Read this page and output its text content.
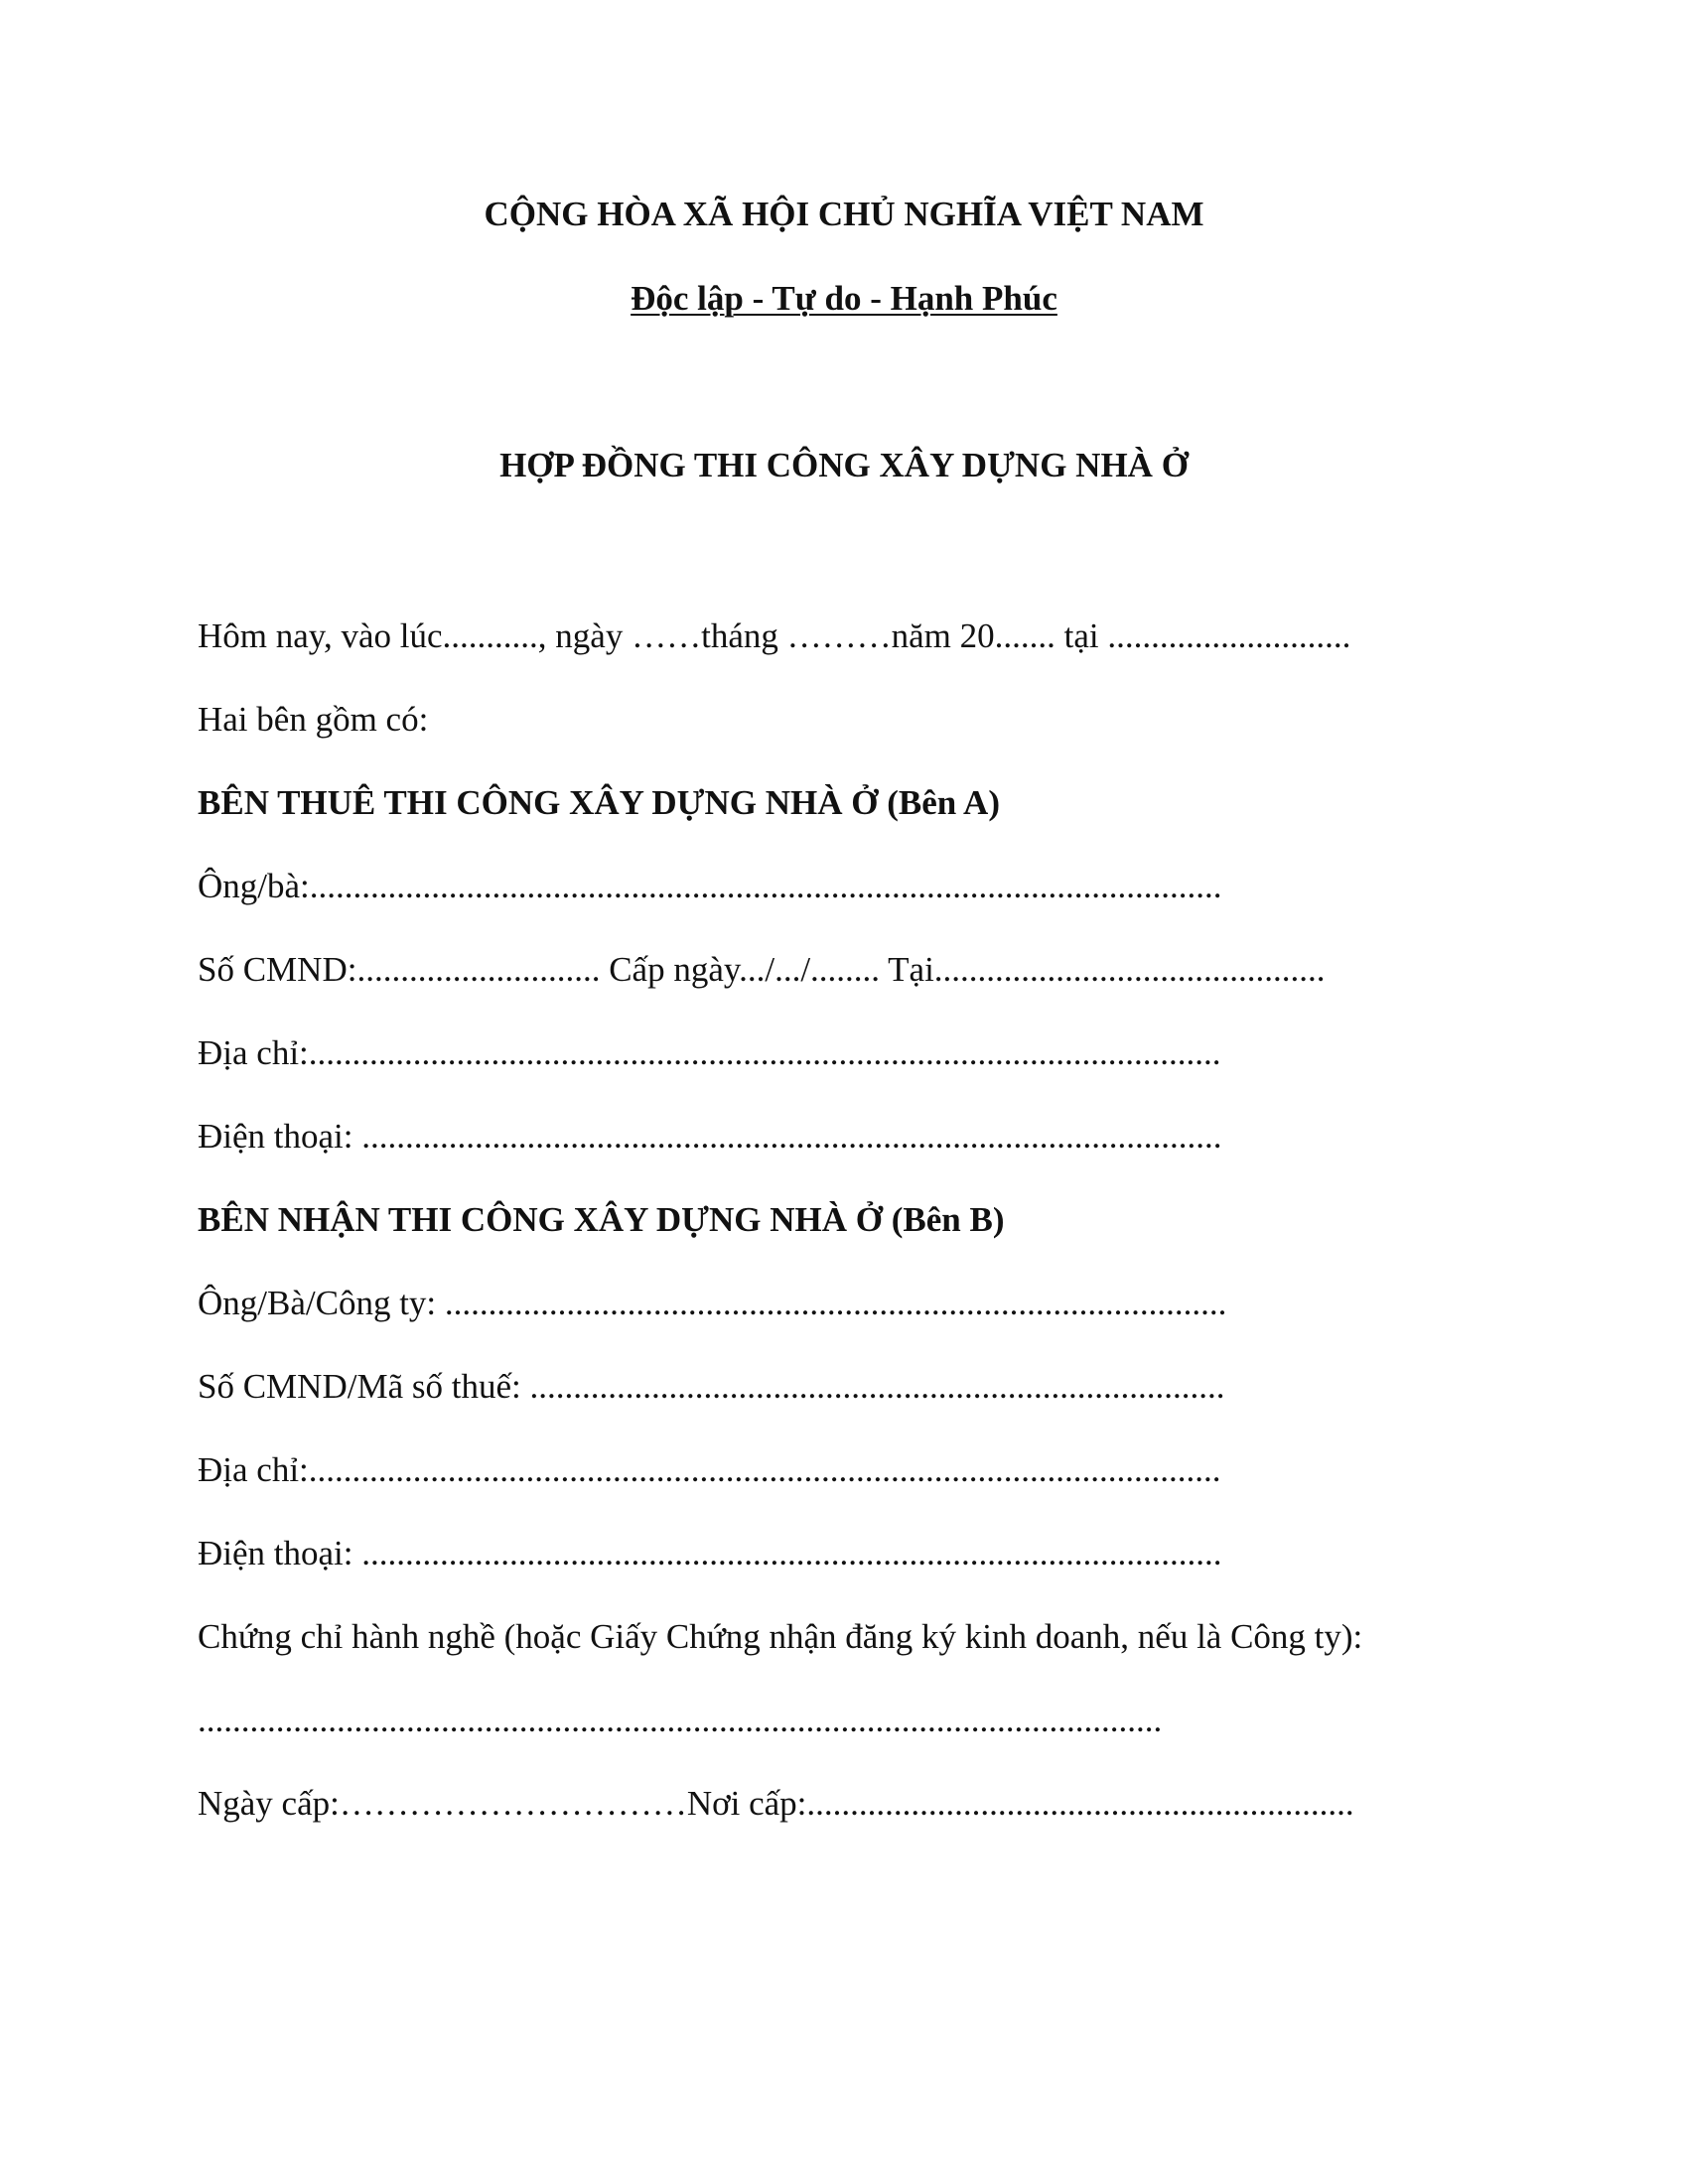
CỘNG HÒA XÃ HỘI CHỦ NGHĨA VIỆT NAM
Độc lập - Tự do - Hạnh Phúc
HỢP ĐỒNG THI CÔNG XÂY DỰNG NHÀ Ở
Hôm nay, vào lúc..........., ngày ……tháng ………năm 20....... tại ............................
Hai bên gồm có:
BÊN THUÊ THI CÔNG XÂY DỰNG NHÀ Ở (Bên A)
Ông/bà:.........................................................................................................
Số CMND:............................ Cấp ngày.../.../........ Tại.............................................
Địa chỉ:.........................................................................................................
Điện thoại: ...................................................................................................
BÊN NHẬN THI CÔNG XÂY DỰNG NHÀ Ở (Bên B)
Ông/Bà/Công ty: ..........................................................................................
Số CMND/Mã số thuế: ................................................................................
Địa chỉ:.........................................................................................................
Điện thoại: ...................................................................................................
Chứng chỉ hành nghề (hoặc Giấy Chứng nhận đăng ký kinh doanh, nếu là Công ty):
...............................................................................................................
Ngày cấp:…………………………Nơi cấp:...............................................................
